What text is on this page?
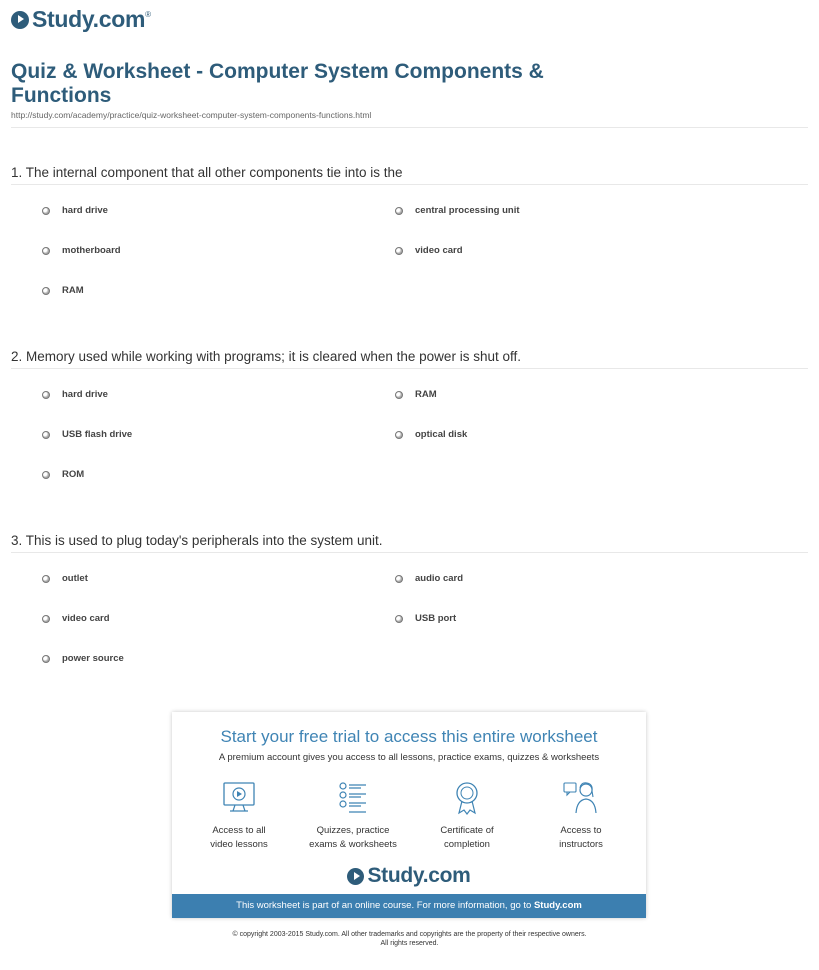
Study.com ®
Quiz & Worksheet - Computer System Components & Functions
http://study.com/academy/practice/quiz-worksheet-computer-system-components-functions.html
1. The internal component that all other components tie into is the
hard drive	central processing unit
motherboard	video card
RAM
2. Memory used while working with programs; it is cleared when the power is shut off.
hard drive	RAM
USB flash drive	optical disk
ROM
3. This is used to plug today's peripherals into the system unit.
outlet	audio card
video card	USB port
power source
Start your free trial to access this entire worksheet
A premium account gives you access to all lessons, practice exams, quizzes & worksheets
Access to all
video lessons
Quizzes, practice
exams & worksheets
Certificate of
completion
Access to
instructors
Study.com
This worksheet is part of an online course. For more information, go to Study.com
© copyright 2003-2015 Study.com. All other trademarks and copyrights are the property of their respective owners.
All rights reserved.
